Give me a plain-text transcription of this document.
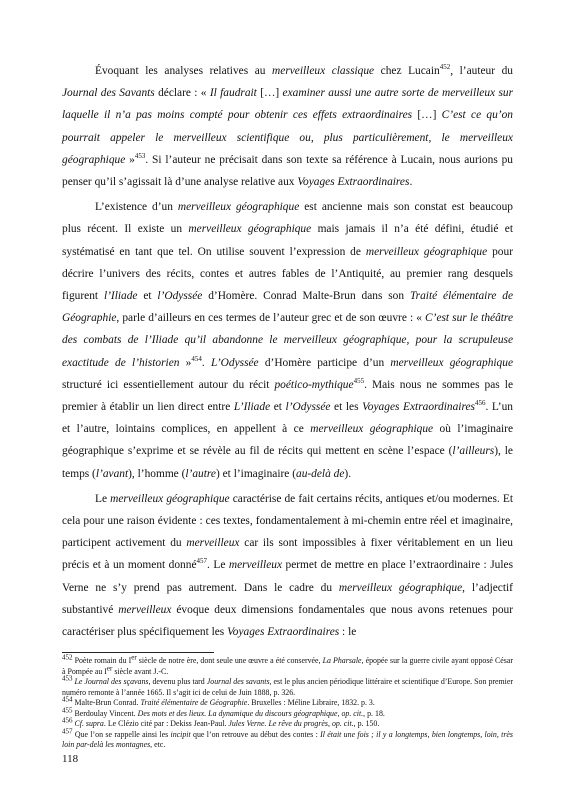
Évoquant les analyses relatives au merveilleux classique chez Lucain$^{452}$, l’auteur du Journal des Savants déclare : « Il faudrait […] examiner aussi une autre sorte de merveilleux sur laquelle il n’a pas moins compté pour obtenir ces effets extraordinaires […] C’est ce qu’on pourrait appeler le merveilleux scientifique ou, plus particulièrement, le merveilleux géographique »$^{453}$. Si l’auteur ne précisait dans son texte sa référence à Lucain, nous aurions pu penser qu’il s’agissait là d’une analyse relative aux Voyages Extraordinaires.

L’existence d’un merveilleux géographique est ancienne mais son constat est beaucoup plus récent. Il existe un merveilleux géographique mais jamais il n’a été défini, étudié et systématisé en tant que tel. On utilise souvent l’expression de merveilleux géographique pour décrire l’univers des récits, contes et autres fables de l’Antiquité, au premier rang desquels figurent l’Iliade et l’Odyssée d’Homère. Conrad Malte-Brun dans son Traité élémentaire de Géographie, parle d’ailleurs en ces termes de l’auteur grec et de son œuvre : « C’est sur le théâtre des combats de l’Iliade qu’il abandonne le merveilleux géographique, pour la scrupuleuse exactitude de l’historien »$^{454}$. L’Odyssée d’Homère participe d’un merveilleux géographique structuré ici essentiellement autour du récit poético-mythique$^{455}$. Mais nous ne sommes pas le premier à établir un lien direct entre L’Iliade et l’Odyssée et les Voyages Extraordinaires$^{456}$. L’un et l’autre, lointains complices, en appellent à ce merveilleux géographique où l’imaginaire géographique s’exprime et se révèle au fil de récits qui mettent en scène l’espace (l’ailleurs), le temps (l’avant), l’homme (l’autre) et l’imaginaire (au-delà de).

Le merveilleux géographique caractérise de fait certains récits, antiques et/ou modernes. Et cela pour une raison évidente : ces textes, fondamentalement à mi-chemin entre réel et imaginaire, participent activement du merveilleux car ils sont impossibles à fixer véritablement en un lieu précis et à un moment donné$^{457}$. Le merveilleux permet de mettre en place l’extraordinaire : Jules Verne ne s’y prend pas autrement. Dans le cadre du merveilleux géographique, l’adjectif substantivé merveilleux évoque deux dimensions fondamentales que nous avons retenues pour caractériser plus spécifiquement les Voyages Extraordinaires : le

$^{452}$ Poète romain du Ier siècle de notre ère, dont seule une œuvre a été conservée, La Pharsale, épopée sur la guerre civile ayant opposé César à Pompée au Ier siècle avant J.-C.

$^{453}$ Le Journal des sçavans, devenu plus tard Journal des savants, est le plus ancien périodique littéraire et scientifique d’Europe. Son premier numéro remonte à l’année 1665. Il s’agit ici de celui de Juin 1888, p. 326.

$^{454}$ Malte-Brun Conrad. Traité élémentaire de Géographie. Bruxelles : Méline Libraire, 1832. p. 3.

$^{455}$ Berdoulay Vincent. Des mots et des lieux. La dynamique du discours géographique, op. cit., p. 18.

$^{456}$ Cf. supra. Le Clézio cité par : Dekiss Jean-Paul. Jules Verne. Le rêve du progrès, op. cit., p. 150.

$^{457}$ Que l’on se rappelle ainsi les incipit que l’on retrouve au début des contes : Il était une fois ; il y a longtemps, bien longtemps, loin, très loin par-delà les montagnes, etc.

118
